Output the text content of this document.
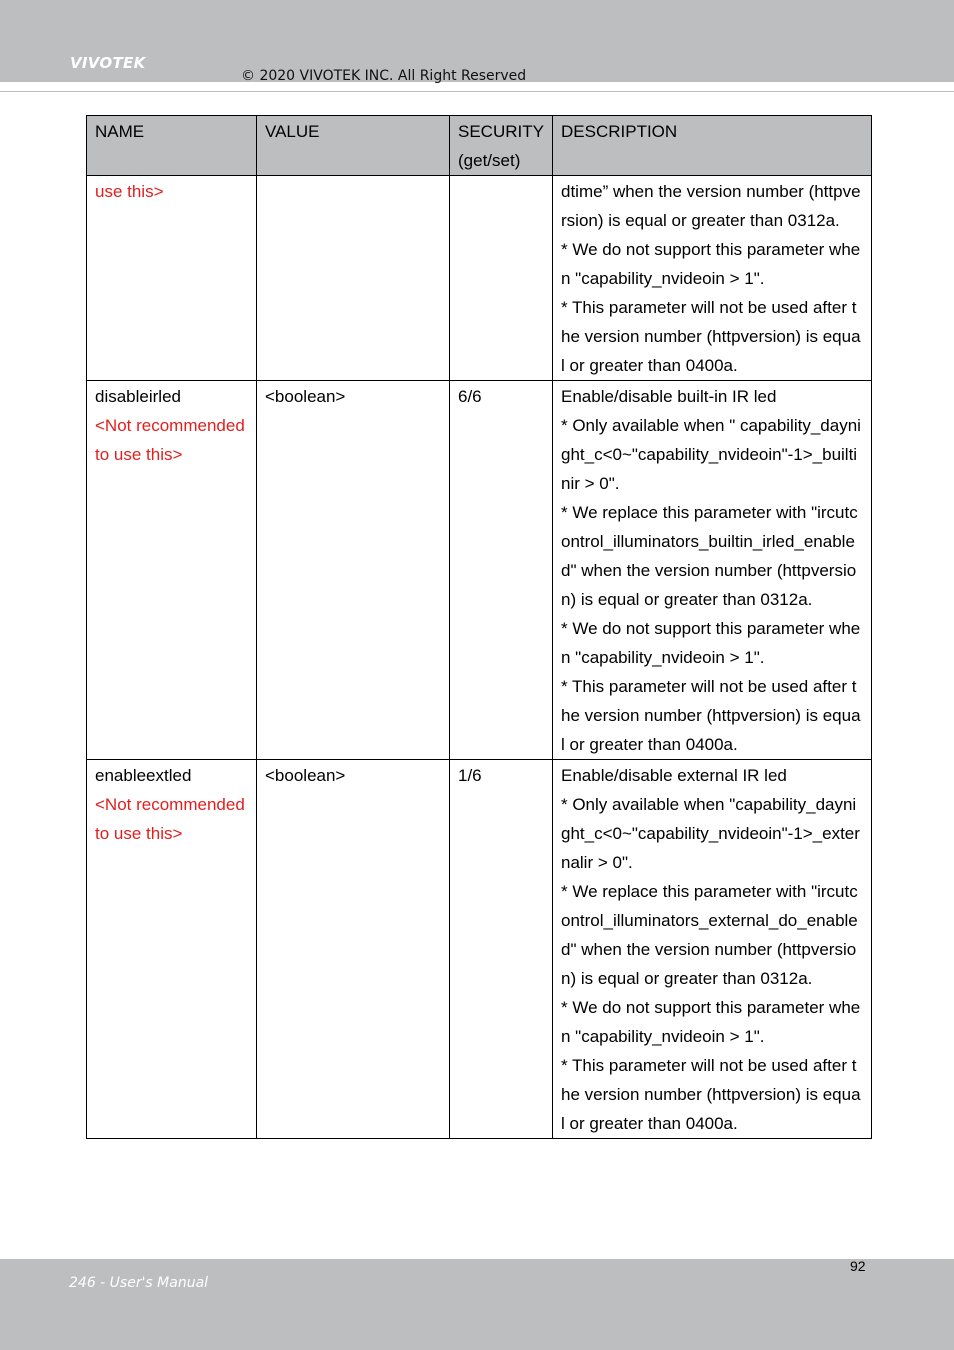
VIVOTEK
© 2020 VIVOTEK INC. All Right Reserved
NAME	VALUE	SECURITY (get/set)	DESCRIPTION

use this>			dtime” when the version number (httpversion) is equal or greater than 0312a.
* We do not support this parameter when "capability_nvideoin > 1".
* This parameter will not be used after the version number (httpversion) is equal or greater than 0400a.

disableirled
<Not recommended to use this>	<boolean>	6/6	Enable/disable built-in IR led
* Only available when " capability_daynight_c<0~"capability_nvideoin"-1>_builtinir > 0".
* We replace this parameter with "ircutcontrol_illuminators_builtin_irled_enabled" when the version number (httpversion) is equal or greater than 0312a.
* We do not support this parameter when "capability_nvideoin > 1".
* This parameter will not be used after the version number (httpversion) is equal or greater than 0400a.

enableextled
<Not recommended to use this>	<boolean>	1/6	Enable/disable external IR led
* Only available when "capability_daynight_c<0~"capability_nvideoin"-1>_externalir > 0".
* We replace this parameter with "ircutcontrol_illuminators_external_do_enabled" when the version number (httpversion) is equal or greater than 0312a.
* We do not support this parameter when "capability_nvideoin > 1".
* This parameter will not be used after the version number (httpversion) is equal or greater than 0400a.
92
246 - User's Manual
